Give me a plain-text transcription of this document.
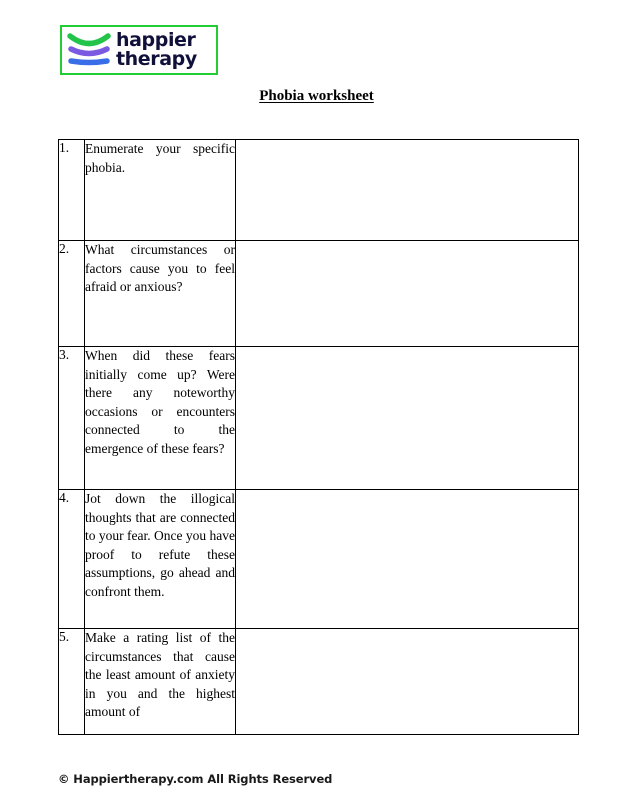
happier
therapy
Phobia worksheet
1.	Enumerate your specific phobia.	
2.	What circumstances or factors cause you to feel afraid or anxious?	
3.	When did these fears initially come up? Were there any noteworthy occasions or encounters connected to the emergence of these fears?	
4.	Jot down the illogical thoughts that are connected to your fear. Once you have proof to refute these assumptions, go ahead and confront them.	
5.	Make a rating list of the circumstances that cause the least amount of anxiety in you and the highest amount of	
© Happiertherapy.com All Rights Reserved
